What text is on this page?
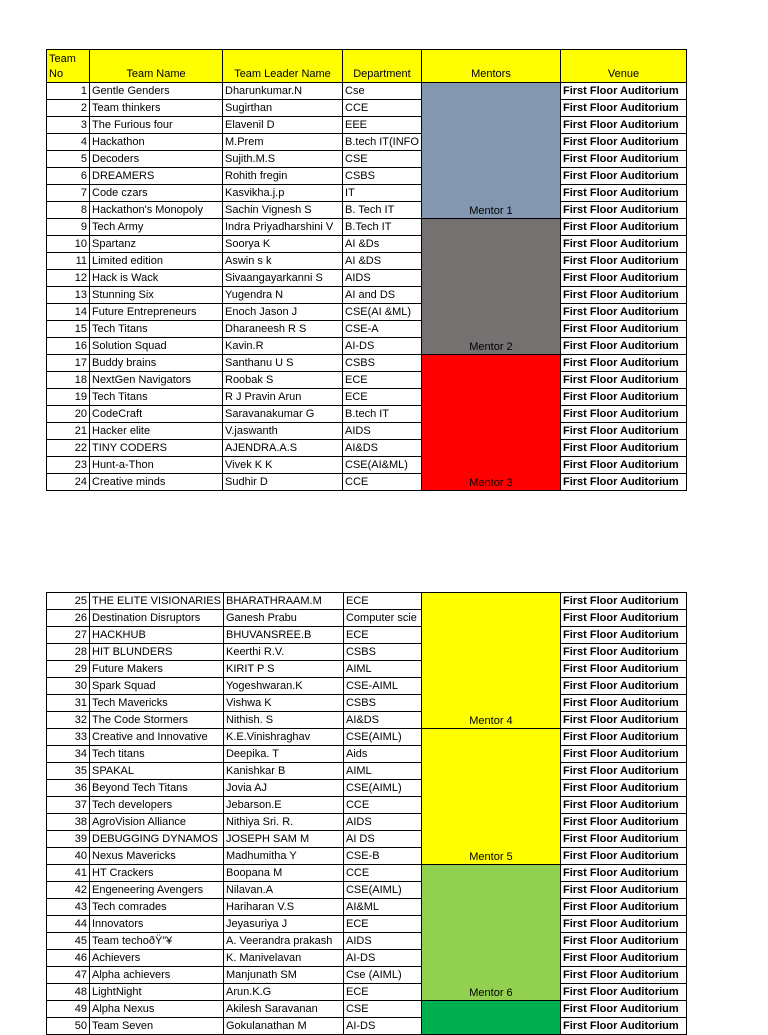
Team No	Team Name	Team Leader Name	Department	Mentors	Venue
1	Gentle Genders	Dharunkumar.N	Cse	Mentor 1	First Floor Auditorium
2	Team thinkers	Sugirthan	CCE		First Floor Auditorium
3	The Furious four	Elavenil D	EEE		First Floor Auditorium
4	Hackathon	M.Prem	B.tech IT(INFO		First Floor Auditorium
5	Decoders	Sujith.M.S	CSE		First Floor Auditorium
6	DREAMERS	Rohith fregin	CSBS		First Floor Auditorium
7	Code czars	Kasvikha.j.p	IT		First Floor Auditorium
8	Hackathon's Monopoly	Sachin Vignesh S	B. Tech IT		First Floor Auditorium
9	Tech Army	Indra Priyadharshini V	B.Tech IT	Mentor 2	First Floor Auditorium
10	Spartanz	Soorya K	AI &Ds		First Floor Auditorium
11	Limited edition	Aswin s k	AI &DS		First Floor Auditorium
12	Hack is Wack	Sivaangayarkanni S	AIDS		First Floor Auditorium
13	Stunning Six	Yugendra N	AI and DS		First Floor Auditorium
14	Future Entrepreneurs	Enoch Jason J	CSE(AI &ML)		First Floor Auditorium
15	Tech Titans	Dharaneesh R S	CSE-A		First Floor Auditorium
16	Solution Squad	Kavin.R	AI-DS		First Floor Auditorium
17	Buddy brains	Santhanu U S	CSBS	Mentor 3	First Floor Auditorium
18	NextGen Navigators	Roobak S	ECE		First Floor Auditorium
19	Tech Titans	R J Pravin Arun	ECE		First Floor Auditorium
20	CodeCraft	Saravanakumar G	B.tech IT		First Floor Auditorium
21	Hacker elite	V.jaswanth	AIDS		First Floor Auditorium
22	TINY CODERS	AJENDRA.A.S	AI&DS		First Floor Auditorium
23	Hunt-a-Thon	Vivek K K	CSE(AI&ML)		First Floor Auditorium
24	Creative minds	Sudhir D	CCE		First Floor Auditorium
25	THE ELITE VISIONARIES	BHARATHRAAM.M	ECE	Mentor 4	First Floor Auditorium
26	Destination Disruptors	Ganesh Prabu	Computer scie		First Floor Auditorium
27	HACKHUB	BHUVANSREE.B	ECE		First Floor Auditorium
28	HIT BLUNDERS	Keerthi R.V.	CSBS		First Floor Auditorium
29	Future Makers	KIRIT P S	AIML		First Floor Auditorium
30	Spark Squad	Yogeshwaran.K	CSE-AIML		First Floor Auditorium
31	Tech Mavericks	Vishwa K	CSBS		First Floor Auditorium
32	The Code Stormers	Nithish. S	AI&DS		First Floor Auditorium
33	Creative and Innovative	K.E.Vinishraghav	CSE(AIML)	Mentor 5	First Floor Auditorium
34	Tech titans	Deepika. T	Aids		First Floor Auditorium
35	SPAKAL	Kanishkar B	AIML		First Floor Auditorium
36	Beyond Tech Titans	Jovia AJ	CSE(AIML)		First Floor Auditorium
37	Tech developers	Jebarson.E	CCE		First Floor Auditorium
38	AgroVision Alliance	Nithiya Sri. R.	AIDS		First Floor Auditorium
39	DEBUGGING DYNAMOS	JOSEPH SAM M	AI DS		First Floor Auditorium
40	Nexus Mavericks	Madhumitha Y	CSE-B		First Floor Auditorium
41	HT Crackers	Boopana M	CCE	Mentor 6	First Floor Auditorium
42	Engeneering Avengers	Nilavan.A	CSE(AIML)		First Floor Auditorium
43	Tech comrades	Hariharan V.S	AI&ML		First Floor Auditorium
44	Innovators	Jeyasuriya J	ECE		First Floor Auditorium
45	Team techoðŸ”¥	A. Veerandra prakash	AIDS		First Floor Auditorium
46	Achievers	K. Manivelavan	AI-DS		First Floor Auditorium
47	Alpha achievers	Manjunath SM	Cse (AIML)		First Floor Auditorium
48	LightNight	Arun.K.G	ECE		First Floor Auditorium
49	Alpha Nexus	Akilesh Saravanan	CSE		First Floor Auditorium
50	Team Seven	Gokulanathan M	AI-DS		First Floor Auditorium
